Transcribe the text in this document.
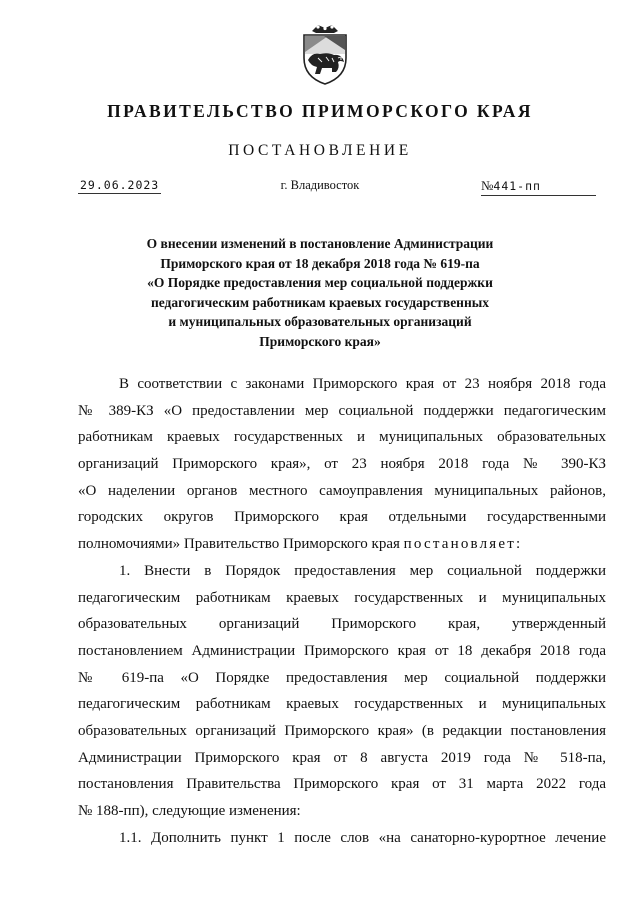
ПРАВИТЕЛЬСТВО ПРИМОРСКОГО КРАЯ
ПОСТАНОВЛЕНИЕ
29.06.2023	г. Владивосток	№441-пп
О внесении изменений в постановление Администрации
Приморского края от 18 декабря 2018 года № 619-па
«О Порядке предоставления мер социальной поддержки
педагогическим работникам краевых государственных
и муниципальных образовательных организаций
Приморского края»
В соответствии с законами Приморского края от 23 ноября 2018 года
№ 389-КЗ «О предоставлении мер социальной поддержки педагогическим
работникам краевых государственных и муниципальных образовательных
организаций Приморского края», от 23 ноября 2018 года № 390-КЗ
«О наделении органов местного самоуправления муниципальных районов,
городских округов Приморского края отдельными государственными
полномочиями» Правительство Приморского края постановляет:
1. Внести в Порядок предоставления мер социальной поддержки
педагогическим работникам краевых государственных и муниципальных
образовательных организаций Приморского края, утвержденный
постановлением Администрации Приморского края от 18 декабря 2018 года
№ 619-па «О Порядке предоставления мер социальной поддержки
педагогическим работникам краевых государственных и муниципальных
образовательных организаций Приморского края» (в редакции постановления
Администрации Приморского края от 8 августа 2019 года № 518-па,
постановления Правительства Приморского края от 31 марта 2022 года
№ 188-пп), следующие изменения:
1.1. Дополнить пункт 1 после слов «на санаторно-курортное лечение
